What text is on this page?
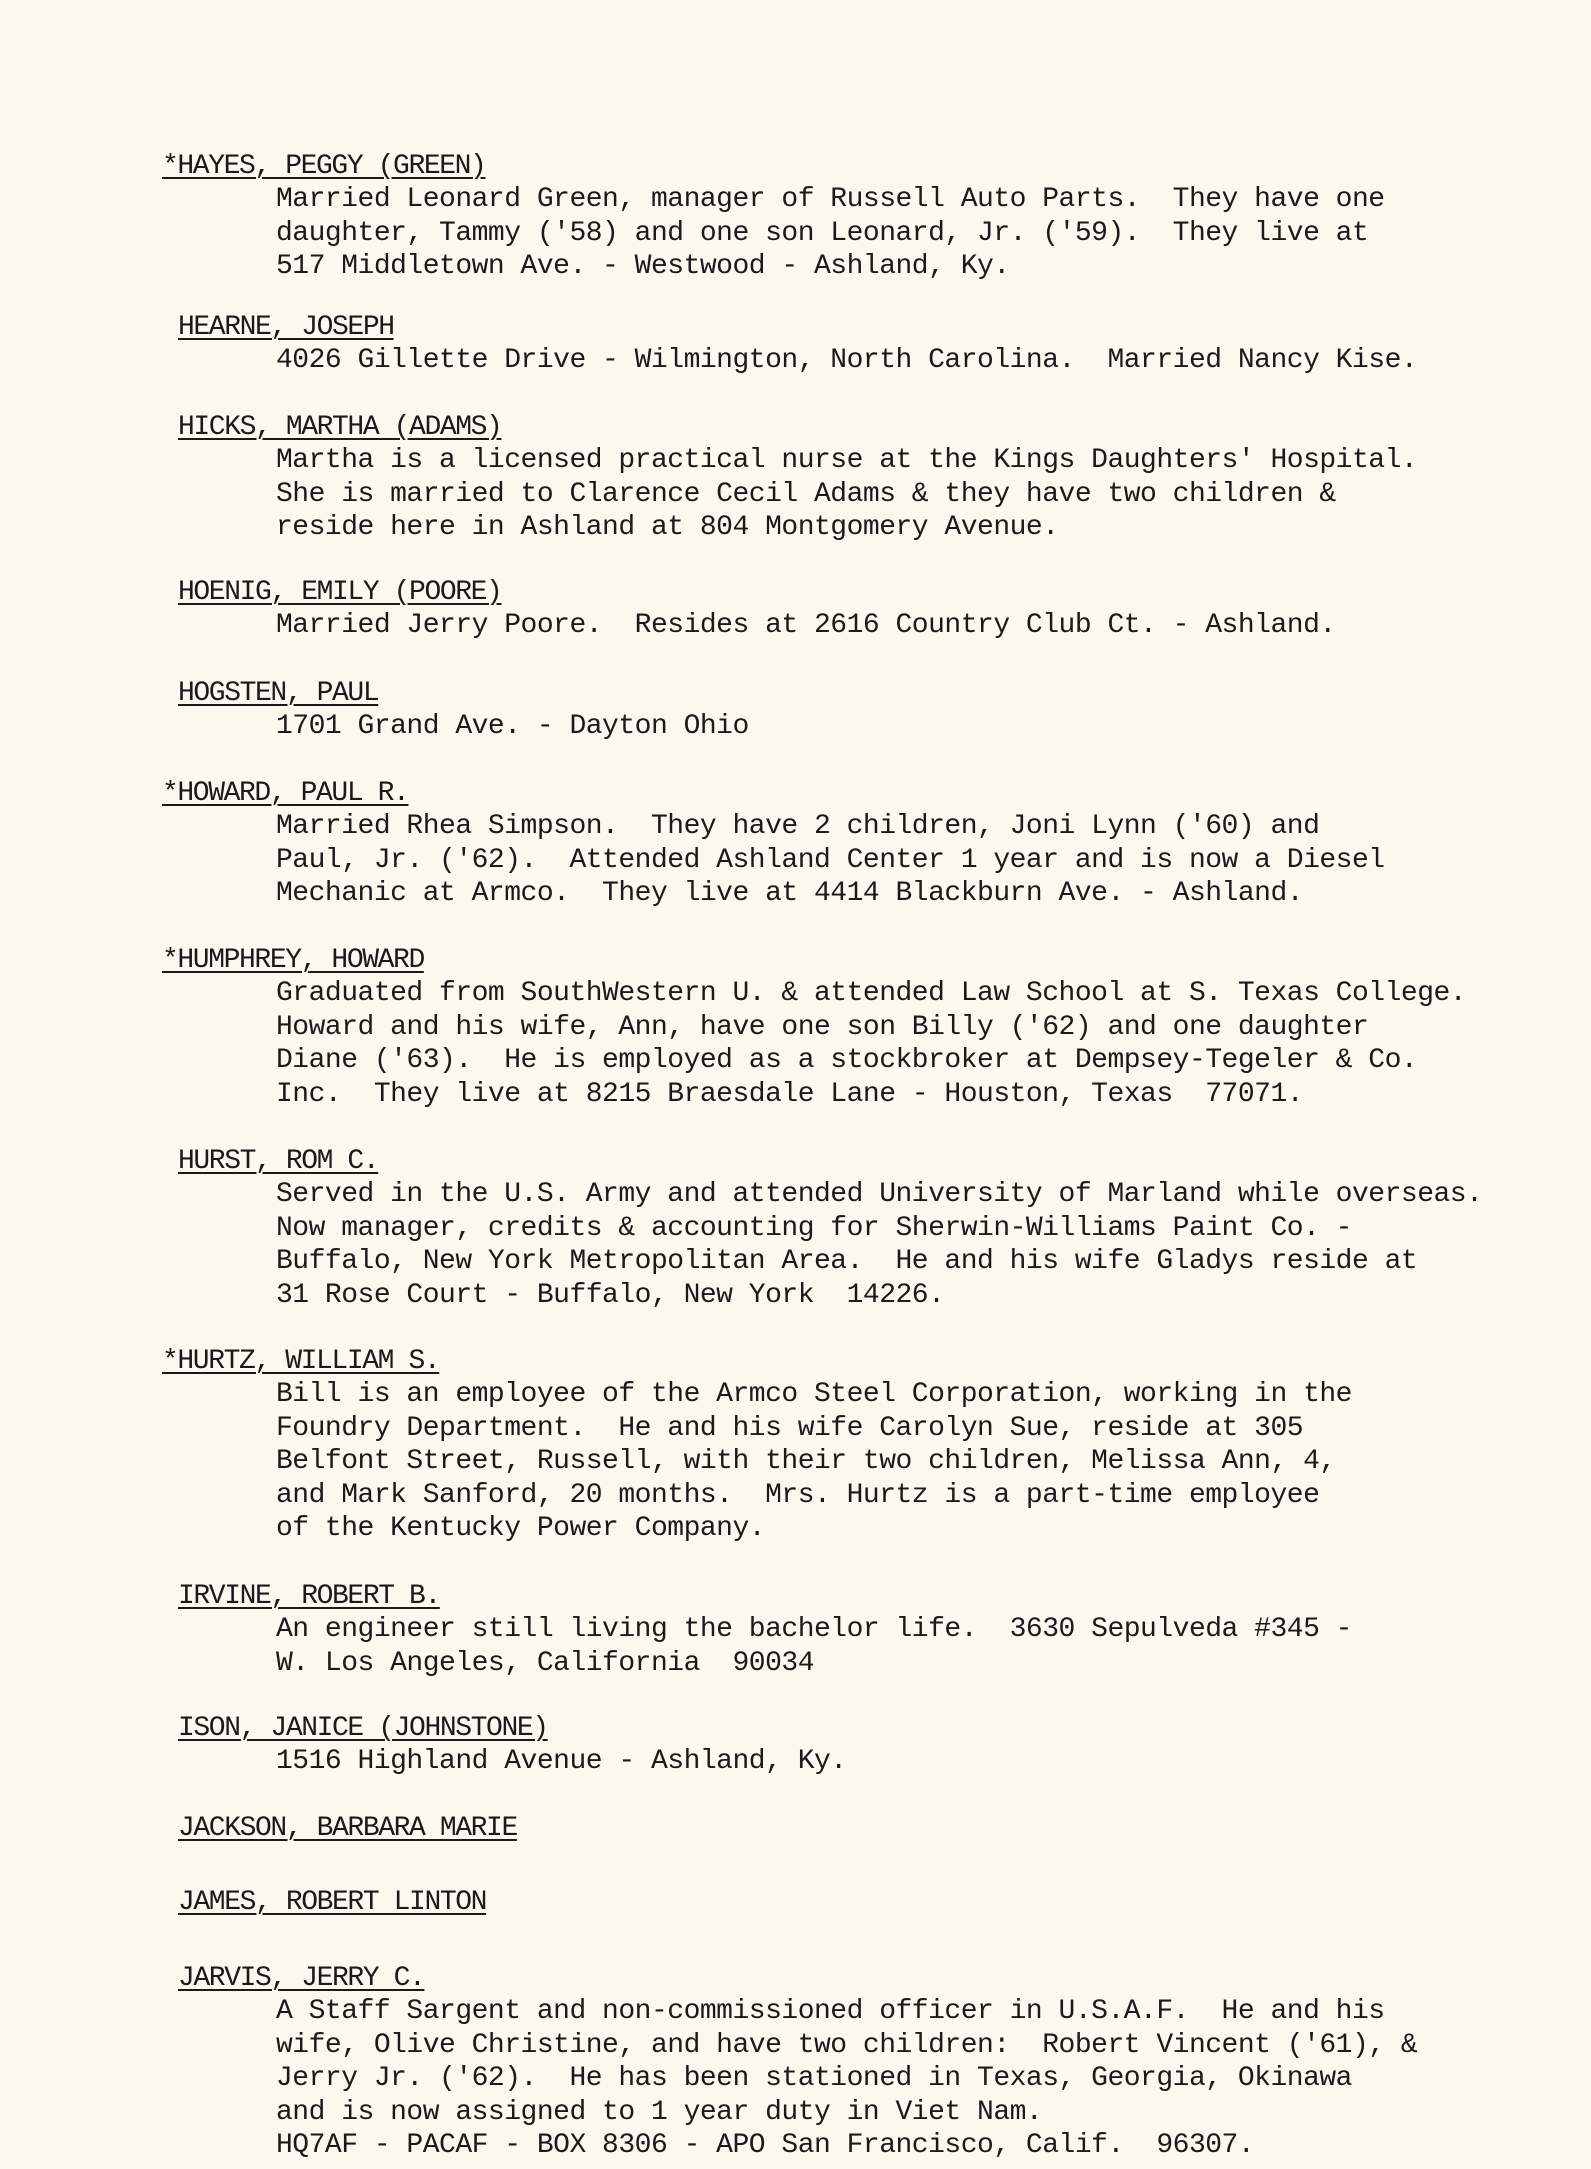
*HAYES, PEGGY (GREEN)
Married Leonard Green, manager of Russell Auto Parts.  They have one
daughter, Tammy ('58) and one son Leonard, Jr. ('59).  They live at
517 Middletown Ave. - Westwood - Ashland, Ky.
HEARNE, JOSEPH
4026 Gillette Drive - Wilmington, North Carolina.  Married Nancy Kise.
HICKS, MARTHA (ADAMS)
Martha is a licensed practical nurse at the Kings Daughters' Hospital.
She is married to Clarence Cecil Adams & they have two children &
reside here in Ashland at 804 Montgomery Avenue.
HOENIG, EMILY (POORE)
Married Jerry Poore.  Resides at 2616 Country Club Ct. - Ashland.
HOGSTEN, PAUL
1701 Grand Ave. - Dayton Ohio
*HOWARD, PAUL R.
Married Rhea Simpson.  They have 2 children, Joni Lynn ('60) and
Paul, Jr. ('62).  Attended Ashland Center 1 year and is now a Diesel
Mechanic at Armco.  They live at 4414 Blackburn Ave. - Ashland.
*HUMPHREY, HOWARD
Graduated from SouthWestern U. & attended Law School at S. Texas College.
Howard and his wife, Ann, have one son Billy ('62) and one daughter
Diane ('63).  He is employed as a stockbroker at Dempsey-Tegeler & Co.
Inc.  They live at 8215 Braesdale Lane - Houston, Texas  77071.
HURST, ROM C.
Served in the U.S. Army and attended University of Marland while overseas.
Now manager, credits & accounting for Sherwin-Williams Paint Co. -
Buffalo, New York Metropolitan Area.  He and his wife Gladys reside at
31 Rose Court - Buffalo, New York  14226.
*HURTZ, WILLIAM S.
Bill is an employee of the Armco Steel Corporation, working in the
Foundry Department.  He and his wife Carolyn Sue, reside at 305
Belfont Street, Russell, with their two children, Melissa Ann, 4,
and Mark Sanford, 20 months.  Mrs. Hurtz is a part-time employee
of the Kentucky Power Company.
IRVINE, ROBERT B.
An engineer still living the bachelor life.  3630 Sepulveda #345 -
W. Los Angeles, California  90034
ISON, JANICE (JOHNSTONE)
1516 Highland Avenue - Ashland, Ky.
JACKSON, BARBARA MARIE
JAMES, ROBERT LINTON
JARVIS, JERRY C.
A Staff Sargent and non-commissioned officer in U.S.A.F.  He and his
wife, Olive Christine, and have two children:  Robert Vincent ('61), &
Jerry Jr. ('62).  He has been stationed in Texas, Georgia, Okinawa
and is now assigned to 1 year duty in Viet Nam.
HQ7AF - PACAF - BOX 8306 - APO San Francisco, Calif.  96307.
